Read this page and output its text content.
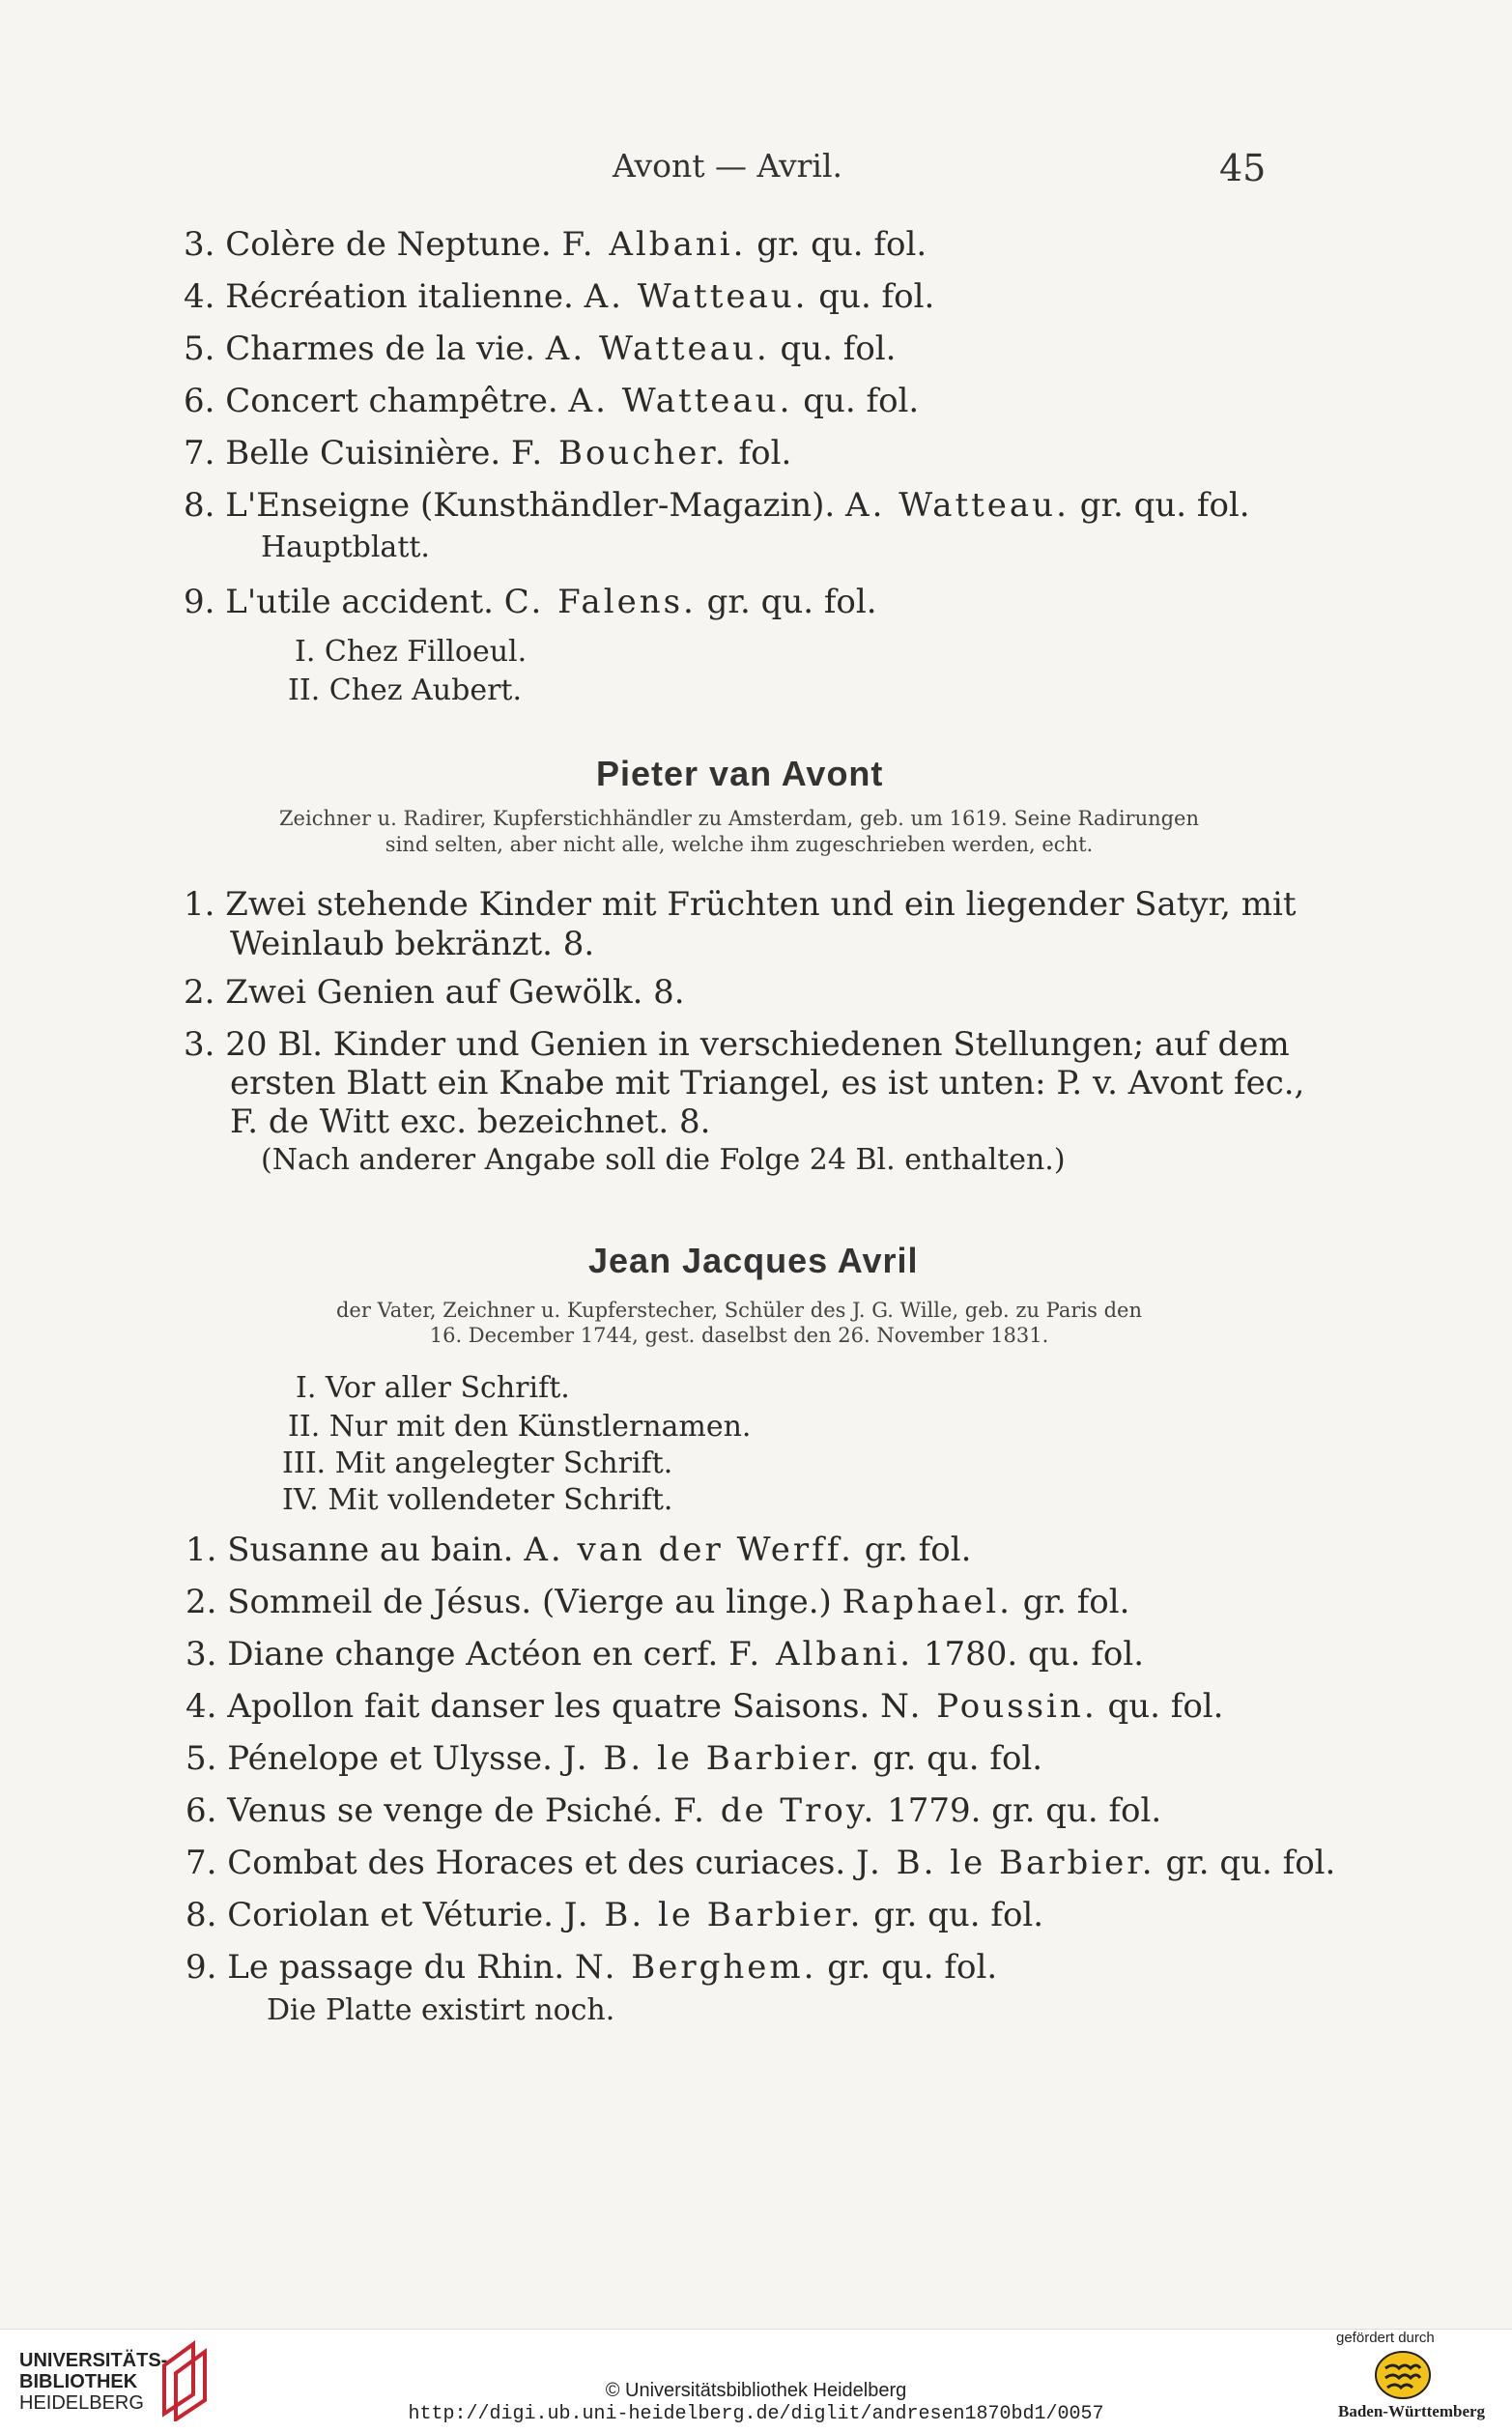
Avont — Avril.	45
3. Colère de Neptune. F. Albani. gr. qu. fol.
4. Récréation italienne. A. Watteau. qu. fol.
5. Charmes de la vie. A. Watteau. qu. fol.
6. Concert champêtre. A. Watteau. qu. fol.
7. Belle Cuisinière. F. Boucher. fol.
8. L'Enseigne (Kunsthändler-Magazin). A. Watteau. gr. qu. fol.
Hauptblatt.
9. L'utile accident. C. Falens. gr. qu. fol.
I. Chez Filloeul.
II. Chez Aubert.
Pieter van Avont
Zeichner u. Radirer, Kupferstichhändler zu Amsterdam, geb. um 1619. Seine Radirungen
sind selten, aber nicht alle, welche ihm zugeschrieben werden, echt.
1. Zwei stehende Kinder mit Früchten und ein liegender Satyr, mit
Weinlaub bekränzt. 8.
2. Zwei Genien auf Gewölk. 8.
3. 20 Bl. Kinder und Genien in verschiedenen Stellungen; auf dem
ersten Blatt ein Knabe mit Triangel, es ist unten: P. v. Avont fec.,
F. de Witt exc. bezeichnet. 8.
(Nach anderer Angabe soll die Folge 24 Bl. enthalten.)
Jean Jacques Avril
der Vater, Zeichner u. Kupferstecher, Schüler des J. G. Wille, geb. zu Paris den
16. December 1744, gest. daselbst den 26. November 1831.
I. Vor aller Schrift.
II. Nur mit den Künstlernamen.
III. Mit angelegter Schrift.
IV. Mit vollendeter Schrift.
1. Susanne au bain. A. van der Werff. gr. fol.
2. Sommeil de Jésus. (Vierge au linge.) Raphael. gr. fol.
3. Diane change Actéon en cerf. F. Albani. 1780. qu. fol.
4. Apollon fait danser les quatre Saisons. N. Poussin. qu. fol.
5. Pénelope et Ulysse. J. B. le Barbier. gr. qu. fol.
6. Venus se venge de Psiché. F. de Troy. 1779. gr. qu. fol.
7. Combat des Horaces et des curiaces. J. B. le Barbier. gr. qu. fol.
8. Coriolan et Véturie. J. B. le Barbier. gr. qu. fol.
9. Le passage du Rhin. N. Berghem. gr. qu. fol.
Die Platte existirt noch.
UNIVERSITÄTS-
BIBLIOTHEK
HEIDELBERG
© Universitätsbibliothek Heidelberg
http://digi.ub.uni-heidelberg.de/diglit/andresen1870bd1/0057
gefördert durch
Baden-Württemberg
